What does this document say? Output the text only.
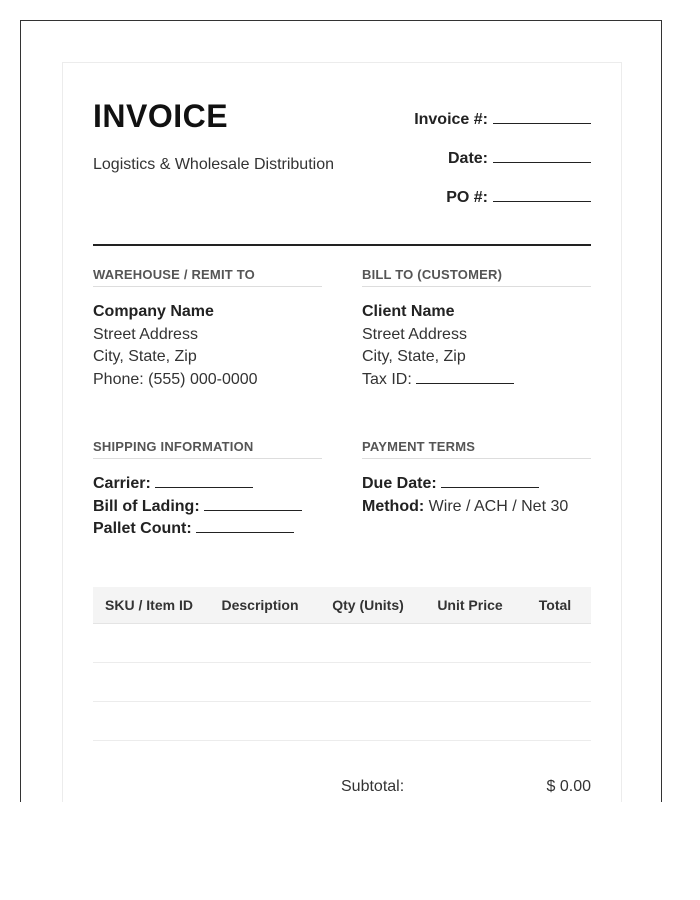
INVOICE
Logistics & Wholesale Distribution
Invoice #:
Date:
PO #:
WAREHOUSE / REMIT TO
Company Name
Street Address
City, State, Zip
Phone: (555) 000-0000
BILL TO (CUSTOMER)
Client Name
Street Address
City, State, Zip
Tax ID:
SHIPPING INFORMATION
Carrier:
Bill of Lading:
Pallet Count:
PAYMENT TERMS
Due Date:
Method: Wire / ACH / Net 30
SKU / Item ID	Description	Qty (Units)	Unit Price	Total

Subtotal:	$ 0.00
